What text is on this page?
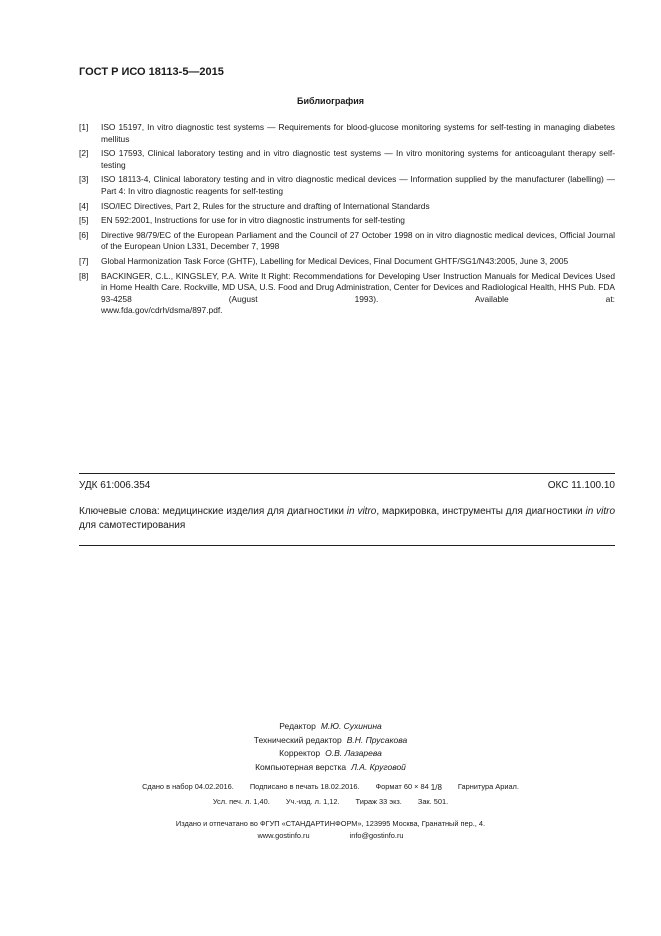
ГОСТ Р ИСО 18113-5—2015
Библиография
[1]	ISO 15197, In vitro diagnostic test systems — Requirements for blood-glucose monitoring systems for self-testing in managing diabetes mellitus
[2]	ISO 17593, Clinical laboratory testing and in vitro diagnostic test systems — In vitro monitoring systems for anticoagulant therapy self-testing
[3]	ISO 18113-4, Clinical laboratory testing and in vitro diagnostic medical devices — Information supplied by the manufacturer (labelling) — Part 4: In vitro diagnostic reagents for self-testing
[4]	ISO/IEC Directives, Part 2, Rules for the structure and drafting of International Standards
[5]	EN 592:2001, Instructions for use for in vitro diagnostic instruments for self-testing
[6]	Directive 98/79/EC of the European Parliament and the Council of 27 October 1998 on in vitro diagnostic medical devices, Official Journal of the European Union L331, December 7, 1998
[7]	Global Harmonization Task Force (GHTF), Labelling for Medical Devices, Final Document GHTF/SG1/N43:2005, June 3, 2005
[8]	BACKINGER, C.L., KINGSLEY, P.A. Write It Right: Recommendations for Developing User Instruction Manuals for Medical Devices Used in Home Health Care. Rockville, MD USA, U.S. Food and Drug Administration, Center for Devices and Radiological Health, HHS Pub. FDA 93-4258 (August 1993). Available at:
www.fda.gov/cdrh/dsma/897.pdf.
УДК 61:006.354	ОКС 11.100.10
Ключевые слова: медицинские изделия для диагностики in vitro, маркировка, инструменты для диагностики in vitro для самотестирования
Редактор М.Ю. Сухинина
Технический редактор В.Н. Прусакова
Корректор О.В. Лазарева
Компьютерная верстка Л.А. Круговой
Сдано в набор 04.02.2016. Подписано в печать 18.02.2016. Формат 60 × 84 1/8 Гарнитура Ариал.
Усл. печ. л. 1,40. Уч.-изд. л. 1,12. Тираж 33 экз. Зак. 501.
Издано и отпечатано во ФГУП «СТАНДАРТИНФОРМ», 123995 Москва, Гранатный пер., 4.
www.gostinfo.ru	info@gostinfo.ru
